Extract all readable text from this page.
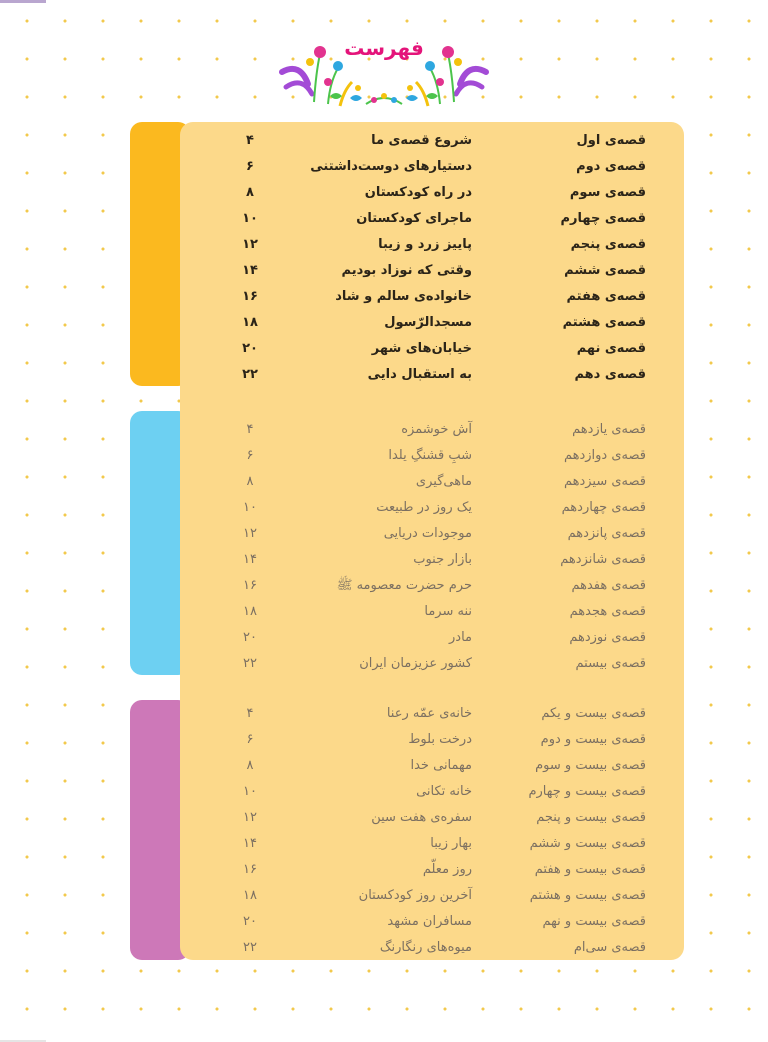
فهرست
قصه‌ی اول
شروع قصه‌ی ما
۴
قصه‌ی دوم
دستیارهای دوست‌داشتنی
۶
قصه‌ی سوم
در راه کودکستان
۸
قصه‌ی چهارم
ماجرای کودکستان
۱۰
قصه‌ی پنجم
پاییز زرد و زیبا
۱۲
قصه‌ی ششم
وقتی که نوزاد بودیم
۱۴
قصه‌ی هفتم
خانواده‌ی سالم و شاد
۱۶
قصه‌ی هشتم
مسجدالرّسول
۱۸
قصه‌ی نهم
خیابان‌های شهر
۲۰
قصه‌ی دهم
به استقبال دایی
۲۲
قصه‌ی یازدهم
آش خوشمزه
۴
قصه‌ی دوازدهم
شبِ قشنگِ یلدا
۶
قصه‌ی سیزدهم
ماهی‌گیری
۸
قصه‌ی چهاردهم
یک روز در طبیعت
۱۰
قصه‌ی پانزدهم
موجودات دریایی
۱۲
قصه‌ی شانزدهم
بازار جنوب
۱۴
قصه‌ی هفدهم
حرم حضرت معصومه ﷺ
۱۶
قصه‌ی هجدهم
ننه سرما
۱۸
قصه‌ی نوزدهم
مادر
۲۰
قصه‌ی بیستم
کشور عزیزمان ایران
۲۲
قصه‌ی بیست و یکم
خانه‌ی عمّه رعنا
۴
قصه‌ی بیست و دوم
درخت بلوط
۶
قصه‌ی بیست و سوم
مهمانی خدا
۸
قصه‌ی بیست و چهارم
خانه تکانی
۱۰
قصه‌ی بیست و پنجم
سفره‌ی هفت سین
۱۲
قصه‌ی بیست و ششم
بهار زیبا
۱۴
قصه‌ی بیست و هفتم
روز معلّم
۱۶
قصه‌ی بیست و هشتم
آخرین روز کودکستان
۱۸
قصه‌ی بیست و نهم
مسافران مشهد
۲۰
قصه‌ی سی‌ام
میوه‌های رنگارنگ
۲۲
